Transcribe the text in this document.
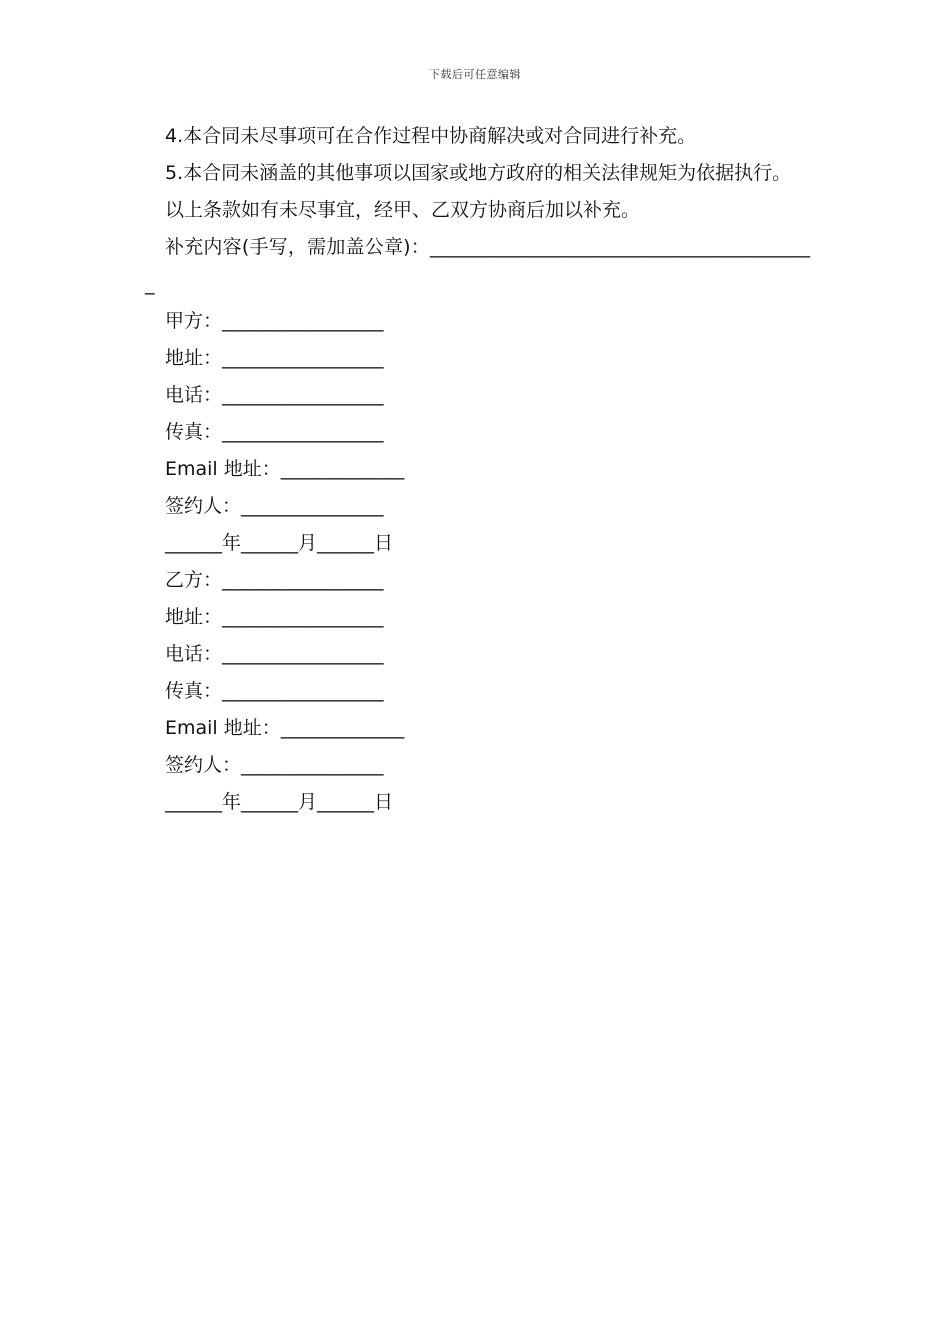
下载后可任意编辑

4.本合同未尽事项可在合作过程中协商解决或对合同进行补充。

5.本合同未涵盖的其他事项以国家或地方政府的相关法律规矩为依据执行。

以上条款如有未尽事宜，经甲、乙双方协商后加以补充。

补充内容(手写，需加盖公章)：_________________________________________

甲方：_________________

地址：_________________

电话：_________________

传真：_________________

Email 地址：_____________

签约人：_______________

______年______月______日

乙方：_________________

地址：_________________

电话：_________________

传真：_________________

Email 地址：_____________

签约人：_______________

______年______月______日
